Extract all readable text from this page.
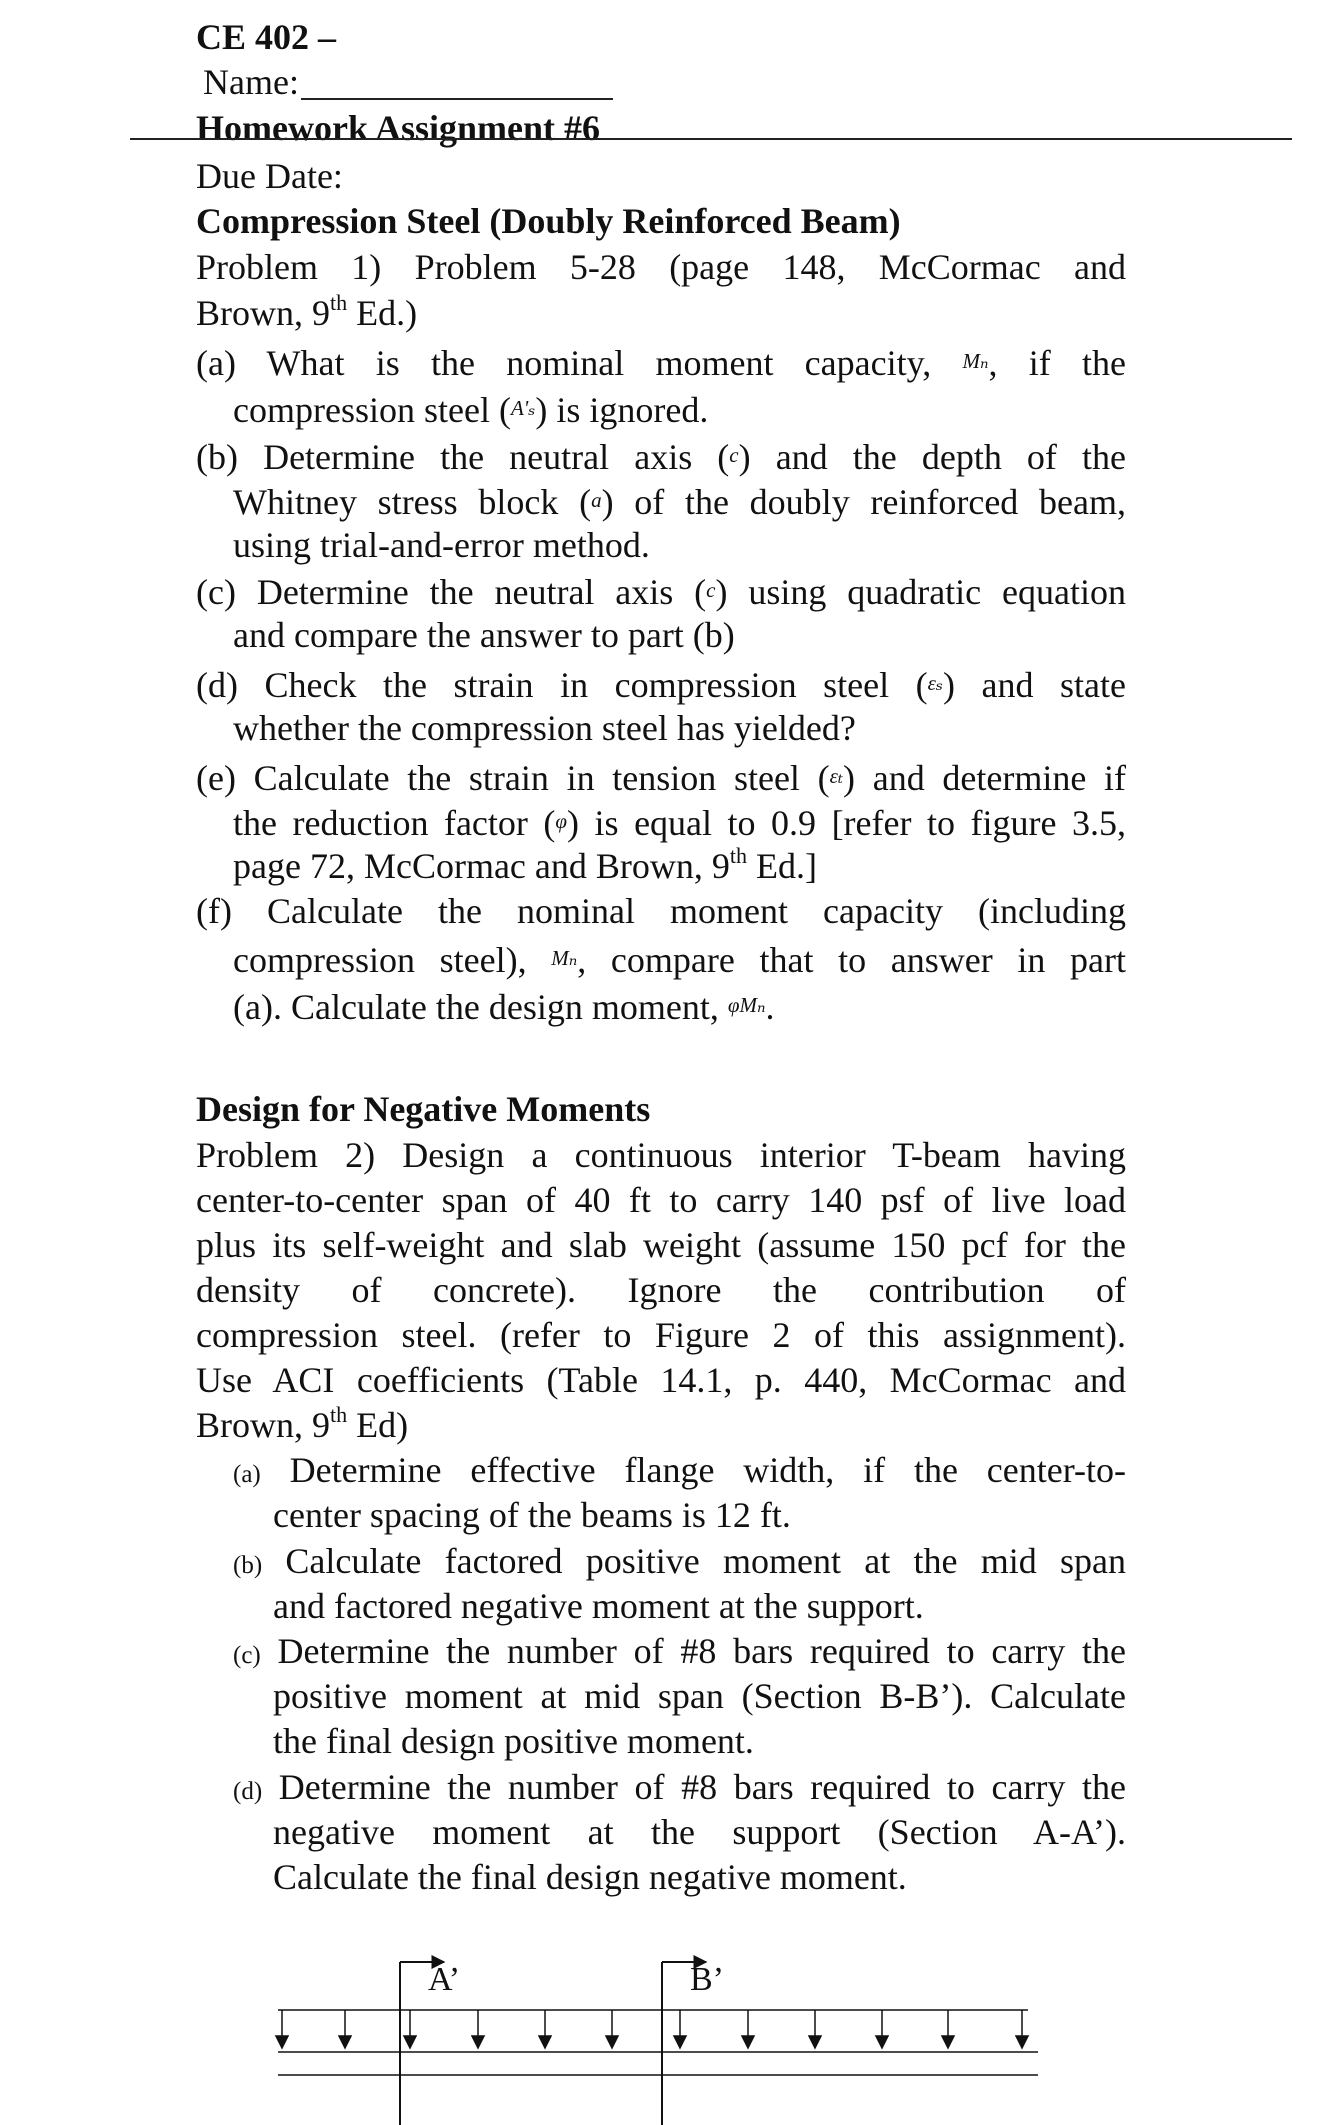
CE 402 –
Name:
Homework Assignment #6
Due Date:
Compression Steel (Doubly Reinforced Beam)
Problem 1) Problem 5-28 (page 148, McCormac and
Brown, 9th Ed.)
(a) What is the nominal moment capacity, Mₙ, if the
compression steel (A'ₛ) is ignored.
(b) Determine the neutral axis (c) and the depth of the
Whitney stress block (a) of the doubly reinforced beam,
using trial-and-error method.
(c) Determine the neutral axis (c) using quadratic equation
and compare the answer to part (b)
(d) Check the strain in compression steel (εₛ) and state
whether the compression steel has yielded?
(e) Calculate the strain in tension steel (εₜ) and determine if
the reduction factor (φ) is equal to 0.9 [refer to figure 3.5,
page 72, McCormac and Brown, 9th Ed.]
(f) Calculate the nominal moment capacity (including
compression steel), Mₙ, compare that to answer in part
(a). Calculate the design moment, φMₙ.
Design for Negative Moments
Problem 2) Design a continuous interior T-beam having
center-to-center span of 40 ft to carry 140 psf of live load
plus its self-weight and slab weight (assume 150 pcf for the
density of concrete). Ignore the contribution of
compression steel. (refer to Figure 2 of this assignment).
Use ACI coefficients (Table 14.1, p. 440, McCormac and
Brown, 9th Ed)
(a) Determine effective flange width, if the center-to-
center spacing of the beams is 12 ft.
(b) Calculate factored positive moment at the mid span
and factored negative moment at the support.
(c) Determine the number of #8 bars required to carry the
positive moment at mid span (Section B-B’). Calculate
the final design positive moment.
(d) Determine the number of #8 bars required to carry the
negative moment at the support (Section A-A’).
Calculate the final design negative moment.
A’	B’
